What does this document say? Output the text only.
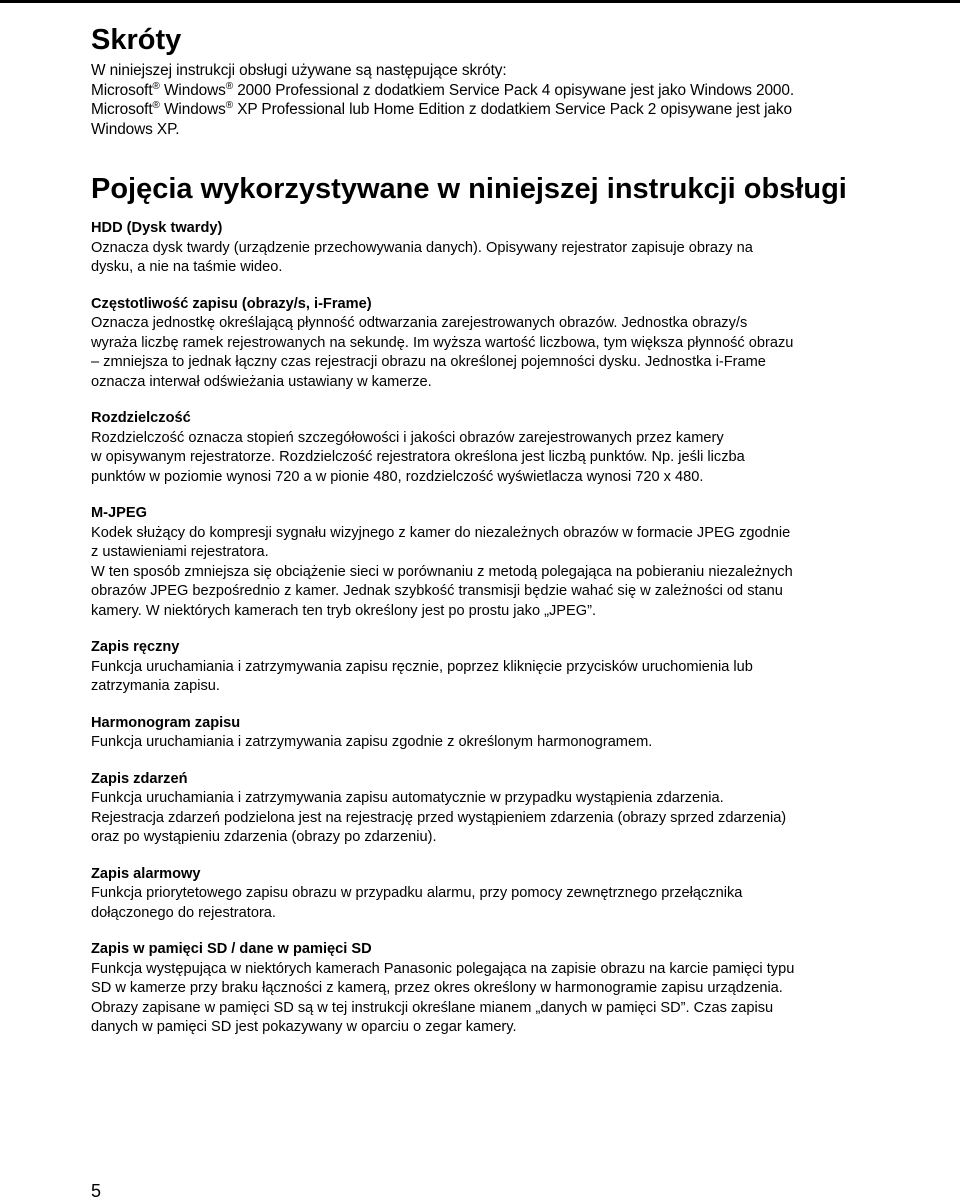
Skróty
W niniejszej instrukcji obsługi używane są następujące skróty:
Microsoft® Windows® 2000 Professional z dodatkiem Service Pack 4 opisywane jest jako Windows 2000.
Microsoft® Windows® XP Professional lub Home Edition z dodatkiem Service Pack 2 opisywane jest jako
Windows XP.
Pojęcia wykorzystywane w niniejszej instrukcji obsługi
HDD (Dysk twardy)
Oznacza dysk twardy (urządzenie przechowywania danych). Opisywany rejestrator zapisuje obrazy na
dysku, a nie na taśmie wideo.
Częstotliwość zapisu (obrazy/s, i-Frame)
Oznacza jednostkę określającą płynność odtwarzania zarejestrowanych obrazów. Jednostka obrazy/s
wyraża liczbę ramek rejestrowanych na sekundę. Im wyższa wartość liczbowa, tym większa płynność obrazu
– zmniejsza to jednak łączny czas rejestracji obrazu na określonej pojemności dysku. Jednostka i-Frame
oznacza interwał odświeżania ustawiany w kamerze.
Rozdzielczość
Rozdzielczość oznacza stopień szczegółowości i jakości obrazów zarejestrowanych przez kamery
w opisywanym rejestratorze. Rozdzielczość rejestratora określona jest liczbą punktów. Np. jeśli liczba
punktów w poziomie wynosi 720 a w pionie 480, rozdzielczość wyświetlacza wynosi 720 x 480.
M-JPEG
Kodek służący do kompresji sygnału wizyjnego z kamer do niezależnych obrazów w formacie JPEG zgodnie
z ustawieniami rejestratora.
W ten sposób zmniejsza się obciążenie sieci w porównaniu z metodą polegająca na pobieraniu niezależnych
obrazów JPEG bezpośrednio z kamer. Jednak szybkość transmisji będzie wahać się w zależności od stanu
kamery. W niektórych kamerach ten tryb określony jest po prostu jako „JPEG”.
Zapis ręczny
Funkcja uruchamiania i zatrzymywania zapisu ręcznie, poprzez kliknięcie przycisków uruchomienia lub
zatrzymania zapisu.
Harmonogram zapisu
Funkcja uruchamiania i zatrzymywania zapisu zgodnie z określonym harmonogramem.
Zapis zdarzeń
Funkcja uruchamiania i zatrzymywania zapisu automatycznie w przypadku wystąpienia zdarzenia.
Rejestracja zdarzeń podzielona jest na rejestrację przed wystąpieniem zdarzenia (obrazy sprzed zdarzenia)
oraz po wystąpieniu zdarzenia (obrazy po zdarzeniu).
Zapis alarmowy
Funkcja priorytetowego zapisu obrazu w przypadku alarmu, przy pomocy zewnętrznego przełącznika
dołączonego do rejestratora.
Zapis w pamięci SD / dane w pamięci SD
Funkcja występująca w niektórych kamerach Panasonic polegająca na zapisie obrazu na karcie pamięci typu
SD w kamerze przy braku łączności z kamerą, przez okres określony w harmonogramie zapisu urządzenia.
Obrazy zapisane w pamięci SD są w tej instrukcji określane mianem „danych w pamięci SD”. Czas zapisu
danych w pamięci SD jest pokazywany w oparciu o zegar kamery.
5
